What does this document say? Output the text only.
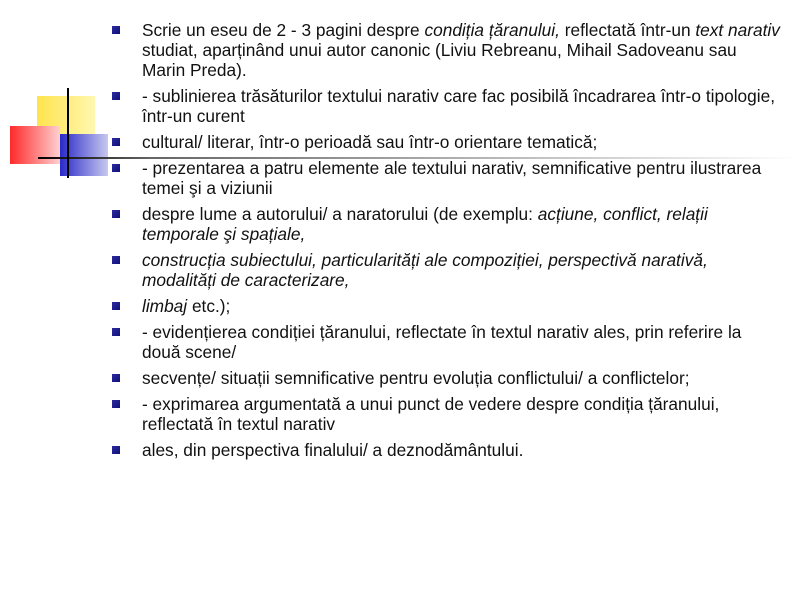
Scrie un eseu de 2 - 3 pagini despre condiția țăranului, reflectată într-un text narativ studiat, aparținând unui autor canonic (Liviu Rebreanu, Mihail Sadoveanu sau Marin Preda).
- sublinierea trăsăturilor textului narativ care fac posibilă încadrarea într-o tipologie, într-un curent
cultural/ literar, într-o perioadă sau într-o orientare tematică;
- prezentarea a patru elemente ale textului narativ, semnificative pentru ilustrarea temei şi a viziunii
despre lume a autorului/ a naratorului (de exemplu: acțiune, conflict, relații temporale şi spațiale,
construcția subiectului, particularități ale compoziției, perspectivă narativă, modalități de caracterizare,
limbaj etc.);
- evidențierea condiției țăranului, reflectate în textul narativ ales, prin referire la două scene/
secvențe/ situații semnificative pentru evoluția conflictului/ a conflictelor;
- exprimarea argumentată a unui punct de vedere despre condiția țăranului, reflectată în textul narativ
ales, din perspectiva finalului/ a deznodământului.
